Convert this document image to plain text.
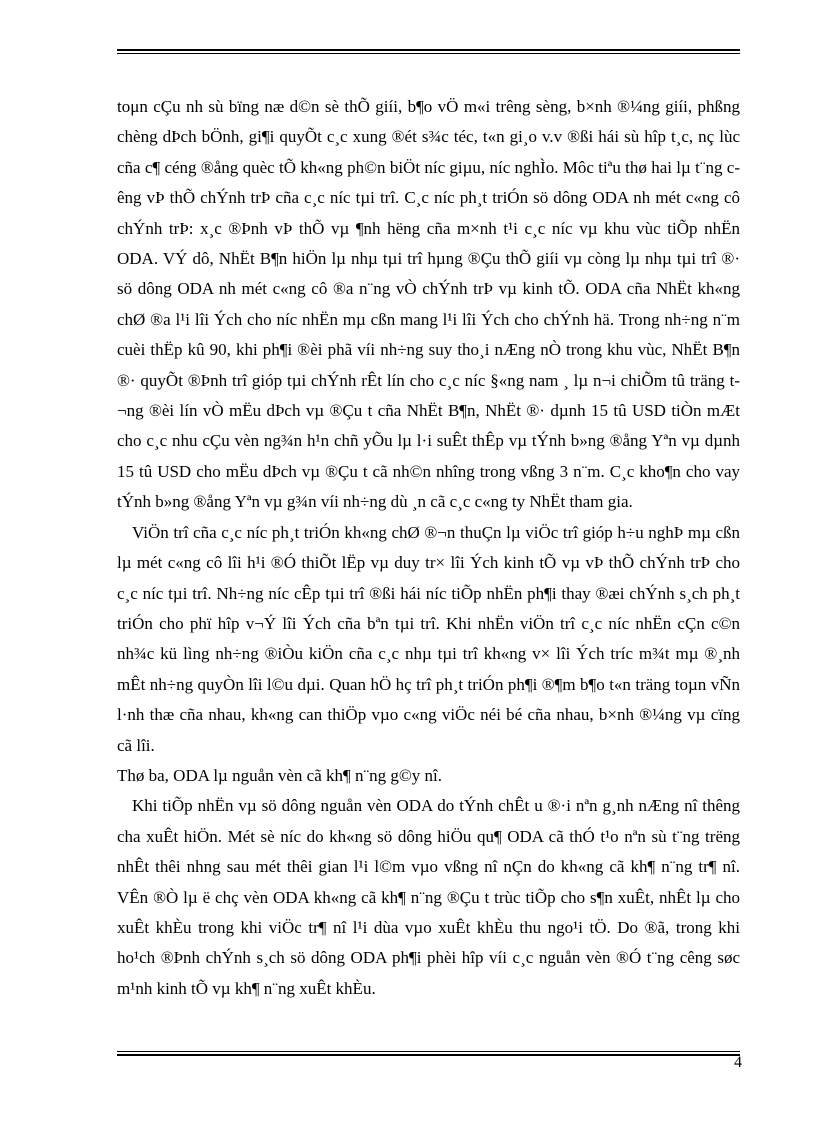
toμn cÇu nh sù bïng næ d©n sè thÕ giíi, b¶o vÖ m«i trêng sèng, b×nh ®¼ng giíi, phßng chèng dÞch bÖnh, gi¶i quyÕt c¸c xung ®ét s¾c téc, t«n gi¸o v.v ®ßi hái sù hîp t¸c, nç lùc cña c¶ céng ®ång quèc tÕ kh«ng ph©n biÖt níc giµu, níc nghÌo. Môc tiªu thø hai lµ t¨ng cêng vÞ thÕ chÝnh trÞ cña c¸c níc tµi trî. C¸c níc ph¸t triÓn sö dông ODA nh mét c«ng cô chÝnh trÞ: x¸c ®Þnh vÞ thÕ vµ ¶nh hëng cña m×nh t¹i c¸c níc vµ khu vùc tiÕp nhËn ODA. VÝ dô, NhËt B¶n hiÖn lµ nhµ tµi trî hµng ®Çu thÕ giíi vµ còng lµ nhµ tµi trî ®· sö dông ODA nh mét c«ng cô ®a n¨ng vÒ chÝnh trÞ vµ kinh tÕ. ODA cña NhËt kh«ng chØ ®a l¹i lîi Ých cho níc nhËn mµ cßn mang l¹i lîi Ých cho chÝnh hä. Trong nh÷ng n¨m cuèi thËp kû 90, khi ph¶i ®èi phã víi nh÷ng suy tho¸i nÆng nÒ trong khu vùc, NhËt B¶n ®· quyÕt ®Þnh trî gióp tµi chÝnh rÊt lín cho c¸c níc §«ng nam ¸ lµ n¬i chiÕm tû träng t¬ng ®èi lín vÒ mËu dÞch vµ ®Çu t cña NhËt B¶n, NhËt ®· dµnh 15 tû USD tiÒn mÆt cho c¸c nhu cÇu vèn ng¾n h¹n chñ yÕu lµ l·i suÊt thÊp vµ tÝnh b»ng ®ång Yªn vµ dµnh 15 tû USD cho mËu dÞch vµ ®Çu t cã nh©n nhîng trong vßng 3 n¨m. C¸c kho¶n cho vay tÝnh b»ng ®ång Yªn vµ g¾n víi nh÷ng dù ¸n cã c¸c c«ng ty NhËt tham gia.

ViÖn trî cña c¸c níc ph¸t triÓn kh«ng chØ ®¬n thuÇn lµ viÖc trî gióp h÷u nghÞ mµ cßn lµ mét c«ng cô lîi h¹i ®Ó thiÕt lËp vµ duy tr× lîi Ých kinh tÕ vµ vÞ thÕ chÝnh trÞ cho c¸c níc tµi trî. Nh÷ng níc cÊp tµi trî ®ßi hái níc tiÕp nhËn ph¶i thay ®æi chÝnh s¸ch ph¸t triÓn cho phï hîp v¬Ý lîi Ých cña bªn tµi trî. Khi nhËn viÖn trî c¸c níc nhËn cÇn c©n nh¾c kü lìng nh÷ng ®iÒu kiÖn cña c¸c nhµ tµi trî kh«ng v× lîi Ých tríc m¾t mµ ®¸nh mÊt nh÷ng quyÒn lîi l©u dµi. Quan hÖ hç trî ph¸t triÓn ph¶i ®¶m b¶o t«n träng toµn vÑn l·nh thæ cña nhau, kh«ng can thiÖp vµo c«ng viÖc néi bé cña nhau, b×nh ®¼ng vµ cïng cã lîi.

Thø ba, ODA lµ nguån vèn cã kh¶ n¨ng g©y nî.

Khi tiÕp nhËn vµ sö dông nguån vèn ODA do tÝnh chÊt u ®·i nªn g¸nh nÆng nî thêng cha xuÊt hiÖn. Mét sè níc do kh«ng sö dông hiÖu qu¶ ODA cã thÓ t¹o nªn sù t¨ng trëng nhÊt thêi nhng sau mét thêi gian l¹i l©m vµo vßng nî nÇn do kh«ng cã kh¶ n¨ng tr¶ nî. VÊn ®Ò lµ ë chç vèn ODA kh«ng cã kh¶ n¨ng ®Çu t trùc tiÕp cho s¶n xuÊt, nhÊt lµ cho xuÊt khÈu trong khi viÖc tr¶ nî l¹i dùa vµo xuÊt khÈu thu ngo¹i tÖ. Do ®ã, trong khi ho¹ch ®Þnh chÝnh s¸ch sö dông ODA ph¶i phèi hîp víi c¸c nguån vèn ®Ó t¨ng cêng søc m¹nh kinh tÕ vµ kh¶ n¨ng xuÊt khÈu.

4
